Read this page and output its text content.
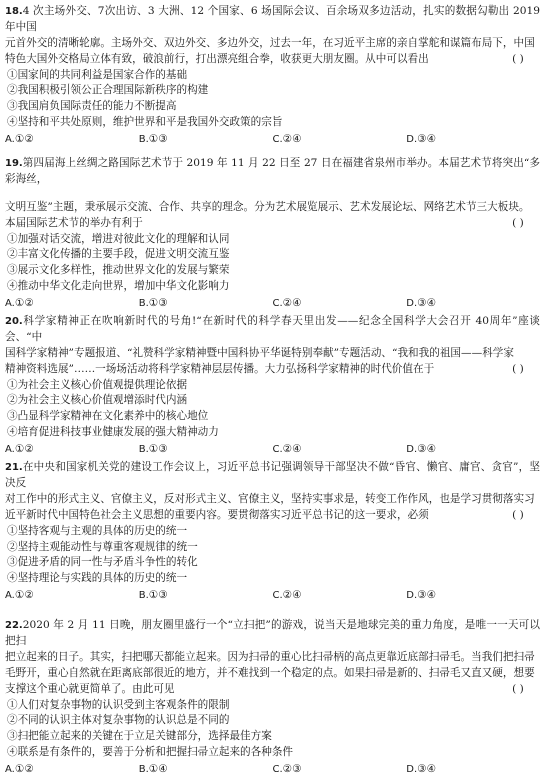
18.4 次主场外交、7次出访、3 大洲、12 个国家、6 场国际会议、百余场双多边活动，扎实的数据勾勒出 2019 年中国
元首外交的清晰轮廓。主场外交、双边外交、多边外交，过去一年，在习近平主席的亲自掌舵和谋篇布局下，中国
特色大国外交格局立体有致，破浪前行，打出漂亮组合拳，收获更大朋友圈。从中可以看出	( )
①国家间的共同利益是国家合作的基础
②我国积极引领公正合理国际新秩序的构建
③我国肩负国际责任的能力不断提高
④坚持和平共处原则，维护世界和平是我国外交政策的宗旨
A.①②	B.①③	C.②④	D.③④
19.第四届海上丝绸之路国际艺术节于 2019 年 11 月 22 日至 27 日在福建省泉州市举办。本届艺术节将突出“多彩海丝，
文明互鉴”主题，秉承展示交流、合作、共享的理念。分为艺术展览展示、艺术发展论坛、网络艺术节三大板块。
本届国际艺术节的举办有利于	( )
①加强对话交流，增进对彼此文化的理解和认同
②丰富文化传播的主要手段，促进文明交流互鉴
③展示文化多样性，推动世界文化的发展与繁荣
④推动中华文化走向世界，增加中华文化影响力
A.①②	B.①③	C.②④	D.③④
20.科学家精神正在吹响新时代的号角!“在新时代的科学春天里出发——纪念全国科学大会召开 40周年”座谈会、“中
国科学家精神”专题报道、“礼赞科学家精神暨中国科协平华诞特别奉献”专题活动、“我和我的祖国——科学家
精神资料选展”……一场场活动将科学家精神层层传播。大力弘扬科学家精神的时代价值在于	( )
①为社会主义核心价值观提供理论依据
②为社会主义核心价值观增添时代内涵
③凸显科学家精神在文化素养中的核心地位
④培育促进科技事业健康发展的强大精神动力
A.①②	B.①③	C.②④	D.③④
21.在中央和国家机关党的建设工作会议上，习近平总书记强调领导干部坚决不做“昏官、懒官、庸官、贪官”，坚决反
对工作中的形式主义、官僚主义，反对形式主义、官僚主义，坚持实事求是，转变工作作风，也是学习贯彻落实习
近平新时代中国特色社会主义思想的重要内容。要贯彻落实习近平总书记的这一要求，必须	( )
①坚持客观与主观的具体的历史的统一
②坚持主观能动性与尊重客观规律的统一
③促进矛盾的同一性与矛盾斗争性的转化
④坚持理论与实践的具体的历史的统一
A.①②	B.①③	C.②④	D.③④
22.2020 年 2 月 11 日晚，朋友圈里盛行一个“立扫把”的游戏，说当天是地球完美的重力角度，是唯一一天可以把扫
把立起来的日子。其实，扫把哪天都能立起来。因为扫帚的重心比扫帚柄的高点更靠近底部扫帚毛。当我们把扫帚
毛野开，重心自然就在距离底部很近的地方，并不难找到一个稳定的点。如果扫帚是新的、扫帚毛又直又硬，想要
支撑这个重心就更简单了。由此可见	( )
①人们对复杂事物的认识受到主客观条件的限制
②不同的认识主体对复杂事物的认识总是不同的
③扫把能立起来的关键在于立足关键部分，选择最佳方案
④联系是有条件的，要善于分析和把握扫帚立起来的各种条件
A.①②	B.①④	C.②③	D.③④
